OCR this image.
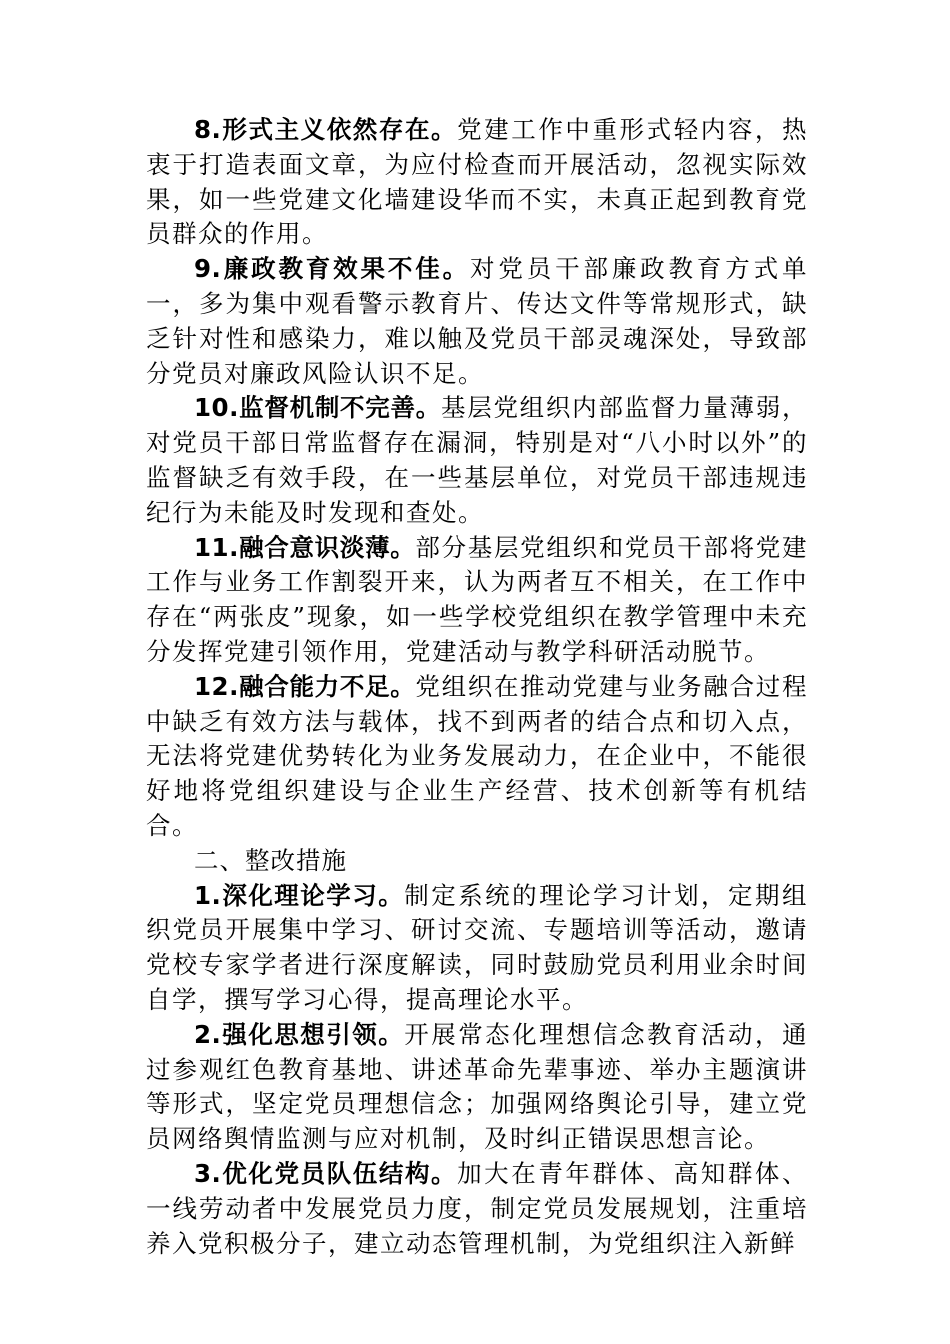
8.形式主义依然存在。党建工作中重形式轻内容，热衷于打造表面文章，为应付检查而开展活动，忽视实际效果，如一些党建文化墙建设华而不实，未真正起到教育党员群众的作用。

9.廉政教育效果不佳。对党员干部廉政教育方式单一，多为集中观看警示教育片、传达文件等常规形式，缺乏针对性和感染力，难以触及党员干部灵魂深处，导致部分党员对廉政风险认识不足。

10.监督机制不完善。基层党组织内部监督力量薄弱，对党员干部日常监督存在漏洞，特别是对“八小时以外”的监督缺乏有效手段，在一些基层单位，对党员干部违规违纪行为未能及时发现和查处。

11.融合意识淡薄。部分基层党组织和党员干部将党建工作与业务工作割裂开来，认为两者互不相关，在工作中存在“两张皮”现象，如一些学校党组织在教学管理中未充分发挥党建引领作用，党建活动与教学科研活动脱节。

12.融合能力不足。党组织在推动党建与业务融合过程中缺乏有效方法与载体，找不到两者的结合点和切入点，无法将党建优势转化为业务发展动力，在企业中，不能很好地将党组织建设与企业生产经营、技术创新等有机结合。

二、整改措施

1.深化理论学习。制定系统的理论学习计划，定期组织党员开展集中学习、研讨交流、专题培训等活动，邀请党校专家学者进行深度解读，同时鼓励党员利用业余时间自学，撰写学习心得，提高理论水平。

2.强化思想引领。开展常态化理想信念教育活动，通过参观红色教育基地、讲述革命先辈事迹、举办主题演讲等形式，坚定党员理想信念；加强网络舆论引导，建立党员网络舆情监测与应对机制，及时纠正错误思想言论。

3.优化党员队伍结构。加大在青年群体、高知群体、一线劳动者中发展党员力度，制定党员发展规划，注重培养入党积极分子，建立动态管理机制，为党组织注入新鲜
